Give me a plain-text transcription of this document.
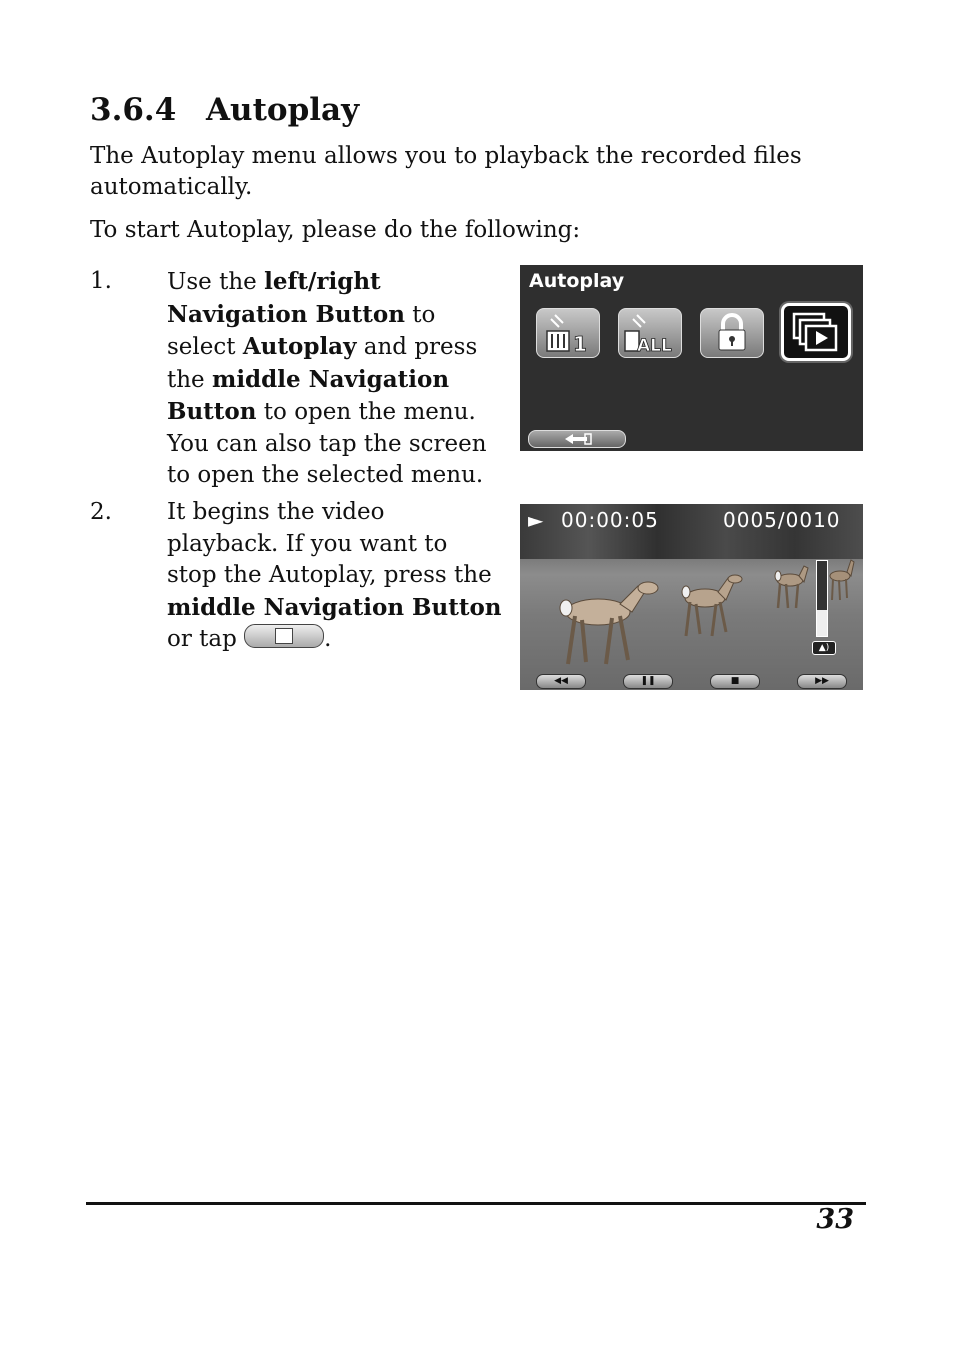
3.6.4 Autoplay

The Autoplay menu allows you to playback the recorded files automatically.

To start Autoplay, please do the following:

1. Use the left/right Navigation Button to select Autoplay and press the middle Navigation Button to open the menu. You can also tap the screen to open the selected menu.
2. It begins the video playback. If you want to stop the Autoplay, press the middle Navigation Button or tap	.
Autoplay
1	ALL
► 00:00:05	0005/0010
▲)
◀◀	❚❚	■	▶▶
33
